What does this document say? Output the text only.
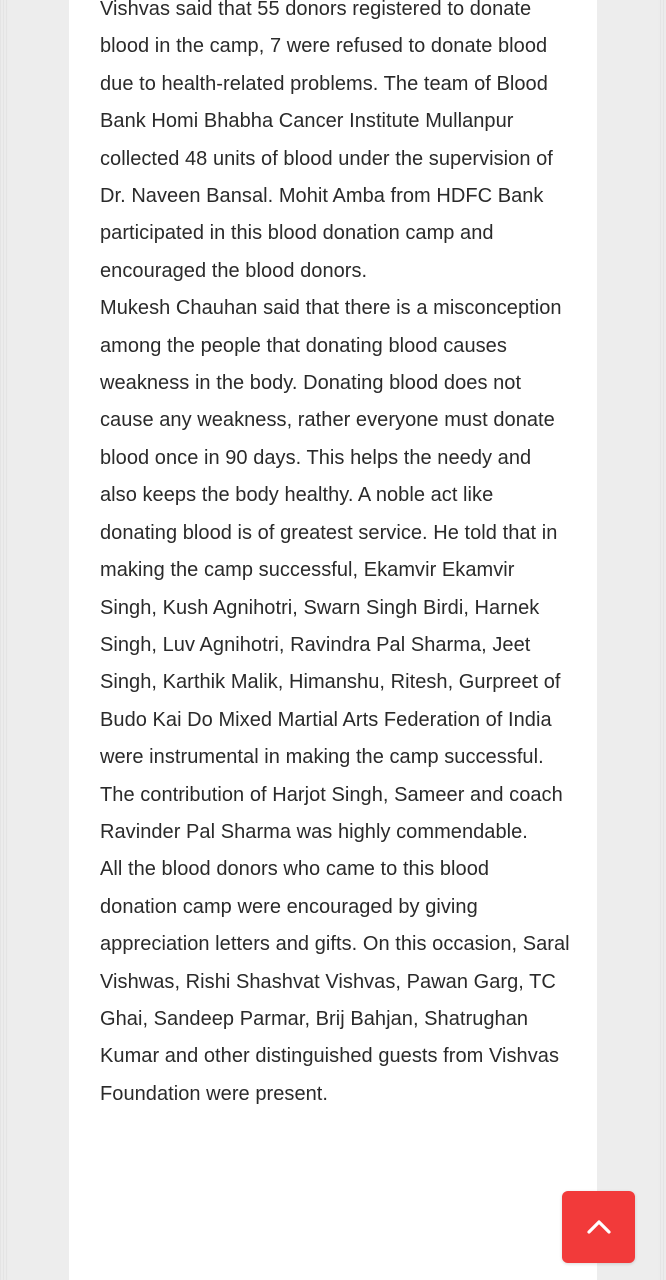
Vishvas said that 55 donors registered to donate blood in the camp, 7 were refused to donate blood due to health-related problems. The team of Blood Bank Homi Bhabha Cancer Institute Mullanpur collected 48 units of blood under the supervision of Dr. Naveen Bansal. Mohit Amba from HDFC Bank participated in this blood donation camp and encouraged the blood donors.

Mukesh Chauhan said that there is a misconception among the people that donating blood causes weakness in the body. Donating blood does not cause any weakness, rather everyone must donate blood once in 90 days. This helps the needy and also keeps the body healthy. A noble act like donating blood is of greatest service. He told that in making the camp successful, Ekamvir Ekamvir Singh, Kush Agnihotri, Swarn Singh Birdi, Harnek Singh, Luv Agnihotri, Ravindra Pal Sharma, Jeet Singh, Karthik Malik, Himanshu, Ritesh, Gurpreet of Budo Kai Do Mixed Martial Arts Federation of India were instrumental in making the camp successful. The contribution of Harjot Singh, Sameer and coach Ravinder Pal Sharma was highly commendable.

All the blood donors who came to this blood donation camp were encouraged by giving appreciation letters and gifts. On this occasion, Saral Vishwas, Rishi Shashvat Vishvas, Pawan Garg, TC Ghai, Sandeep Parmar, Brij Bahjan, Shatrughan Kumar and other distinguished guests from Vishvas Foundation were present.
